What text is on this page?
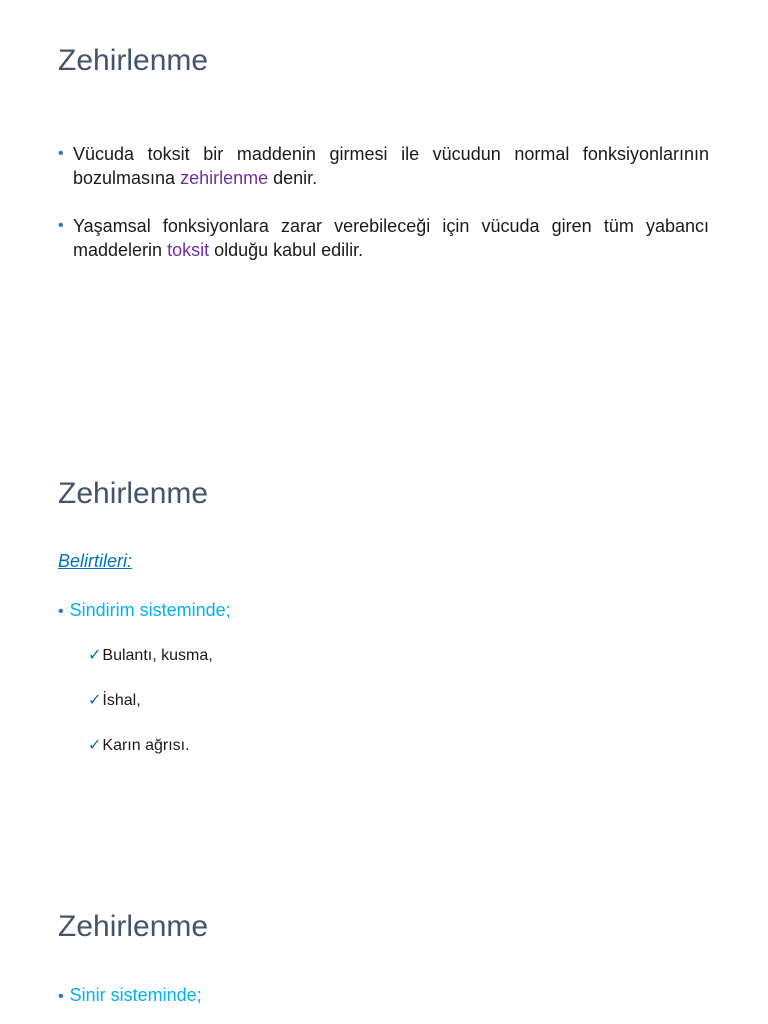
Zehirlenme
• Vücuda toksit bir maddenin girmesi ile vücudun normal fonksiyonlarının bozulmasına zehirlenme denir.
• Yaşamsal fonksiyonlara zarar verebileceği için vücuda giren tüm yabancı maddelerin toksit olduğu kabul edilir.
Zehirlenme
Belirtileri:
• Sindirim sisteminde;
✓Bulantı, kusma,
✓İshal,
✓Karın ağrısı.
Zehirlenme
• Sinir sisteminde;
